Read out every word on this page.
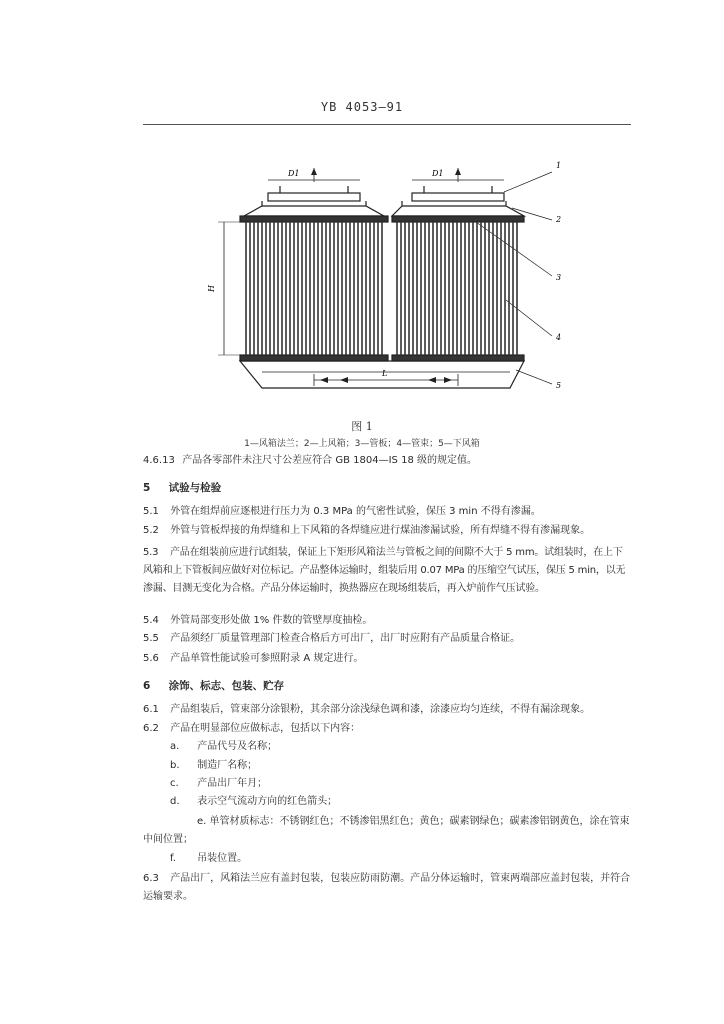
YB 4053—91
D1	D1
H
L
1
2
3
4
5
图 1
1—风箱法兰；2—上风箱；3—管板；4—管束；5—下风箱
4.6.13 产品各零部件未注尺寸公差应符合 GB 1804—IS 18 级的规定值。
5 试验与检验
5.1 外管在组焊前应逐根进行压力为 0.3 MPa 的气密性试验，保压 3 min 不得有渗漏。
5.2 外管与管板焊接的角焊缝和上下风箱的各焊缝应进行煤油渗漏试验，所有焊缝不得有渗漏现象。
5.3 产品在组装前应进行试组装，保证上下矩形风箱法兰与管板之间的间隙不大于 5 mm。试组装时，在上下风箱和上下管板间应做好对位标记。产品整体运输时，组装后用 0.07 MPa 的压缩空气试压，保压 5 min，以无渗漏、目测无变化为合格。产品分体运输时，换热器应在现场组装后，再入炉前作气压试验。
5.4 外管局部变形处做 1% 件数的管壁厚度抽检。
5.5 产品须经厂质量管理部门检查合格后方可出厂，出厂时应附有产品质量合格证。
5.6 产品单管性能试验可参照附录 A 规定进行。
6 涂饰、标志、包装、贮存
6.1 产品组装后，管束部分涂银粉，其余部分涂浅绿色调和漆，涂漆应均匀连续，不得有漏涂现象。
6.2 产品在明显部位应做标志，包括以下内容：
a. 产品代号及名称；
b. 制造厂名称；
c. 产品出厂年月；
d. 表示空气流动方向的红色箭头；
e. 单管材质标志：不锈钢红色；不锈渗铝黑红色；黄色；碳素钢绿色；碳素渗铝钢黄色，涂在管束中间位置；
f. 吊装位置。
6.3 产品出厂，风箱法兰应有盖封包装，包装应防雨防潮。产品分体运输时，管束两端部应盖封包装，并符合运输要求。
